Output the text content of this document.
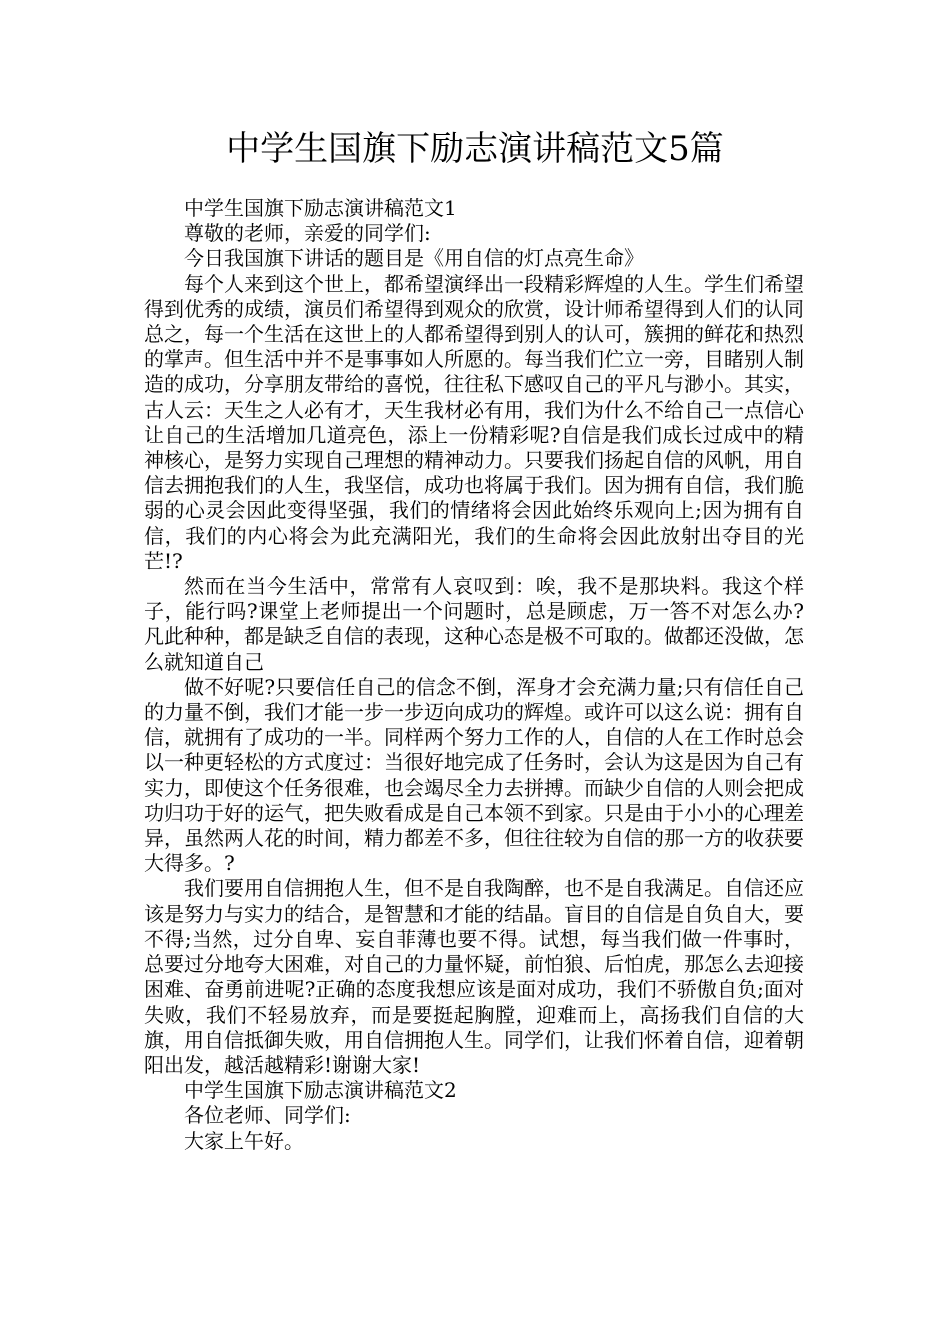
中学生国旗下励志演讲稿范文5篇

中学生国旗下励志演讲稿范文1

尊敬的老师，亲爱的同学们:

今日我国旗下讲话的题目是《用自信的灯点亮生命》

每个人来到这个世上，都希望演绎出一段精彩辉煌的人生。学生们希望得到优秀的成绩，演员们希望得到观众的欣赏，设计师希望得到人们的认同总之，每一个生活在这世上的人都希望得到别人的认可，簇拥的鲜花和热烈的掌声。但生活中并不是事事如人所愿的。每当我们伫立一旁，目睹别人制造的成功，分享朋友带给的喜悦，往往私下感叹自己的平凡与渺小。其实，古人云：天生之人必有才，天生我材必有用，我们为什么不给自己一点信心让自己的生活增加几道亮色，添上一份精彩呢?自信是我们成长过成中的精神核心，是努力实现自己理想的精神动力。只要我们扬起自信的风帆，用自信去拥抱我们的人生，我坚信，成功也将属于我们。因为拥有自信，我们脆弱的心灵会因此变得坚强，我们的情绪将会因此始终乐观向上;因为拥有自信，我们的内心将会为此充满阳光，我们的生命将会因此放射出夺目的光芒!?

然而在当今生活中，常常有人哀叹到：唉，我不是那块料。我这个样子，能行吗?课堂上老师提出一个问题时，总是顾虑，万一答不对怎么办?凡此种种，都是缺乏自信的表现，这种心态是极不可取的。做都还没做，怎么就知道自己

做不好呢?只要信任自己的信念不倒，浑身才会充满力量;只有信任自己的力量不倒，我们才能一步一步迈向成功的辉煌。或许可以这么说：拥有自信，就拥有了成功的一半。同样两个努力工作的人，自信的人在工作时总会以一种更轻松的方式度过：当很好地完成了任务时，会认为这是因为自己有实力，即使这个任务很难，也会竭尽全力去拼搏。而缺少自信的人则会把成功归功于好的运气，把失败看成是自己本领不到家。只是由于小小的心理差异，虽然两人花的时间，精力都差不多，但往往较为自信的那一方的收获要大得多。?

我们要用自信拥抱人生，但不是自我陶醉，也不是自我满足。自信还应该是努力与实力的结合，是智慧和才能的结晶。盲目的自信是自负自大，要不得;当然，过分自卑、妄自菲薄也要不得。试想，每当我们做一件事时，总要过分地夸大困难，对自己的力量怀疑，前怕狼、后怕虎，那怎么去迎接困难、奋勇前进呢?正确的态度我想应该是面对成功，我们不骄傲自负;面对失败，我们不轻易放弃，而是要挺起胸膛，迎难而上，高扬我们自信的大旗，用自信抵御失败，用自信拥抱人生。同学们，让我们怀着自信，迎着朝阳出发，越活越精彩!谢谢大家!

中学生国旗下励志演讲稿范文2

各位老师、同学们:

大家上午好。
